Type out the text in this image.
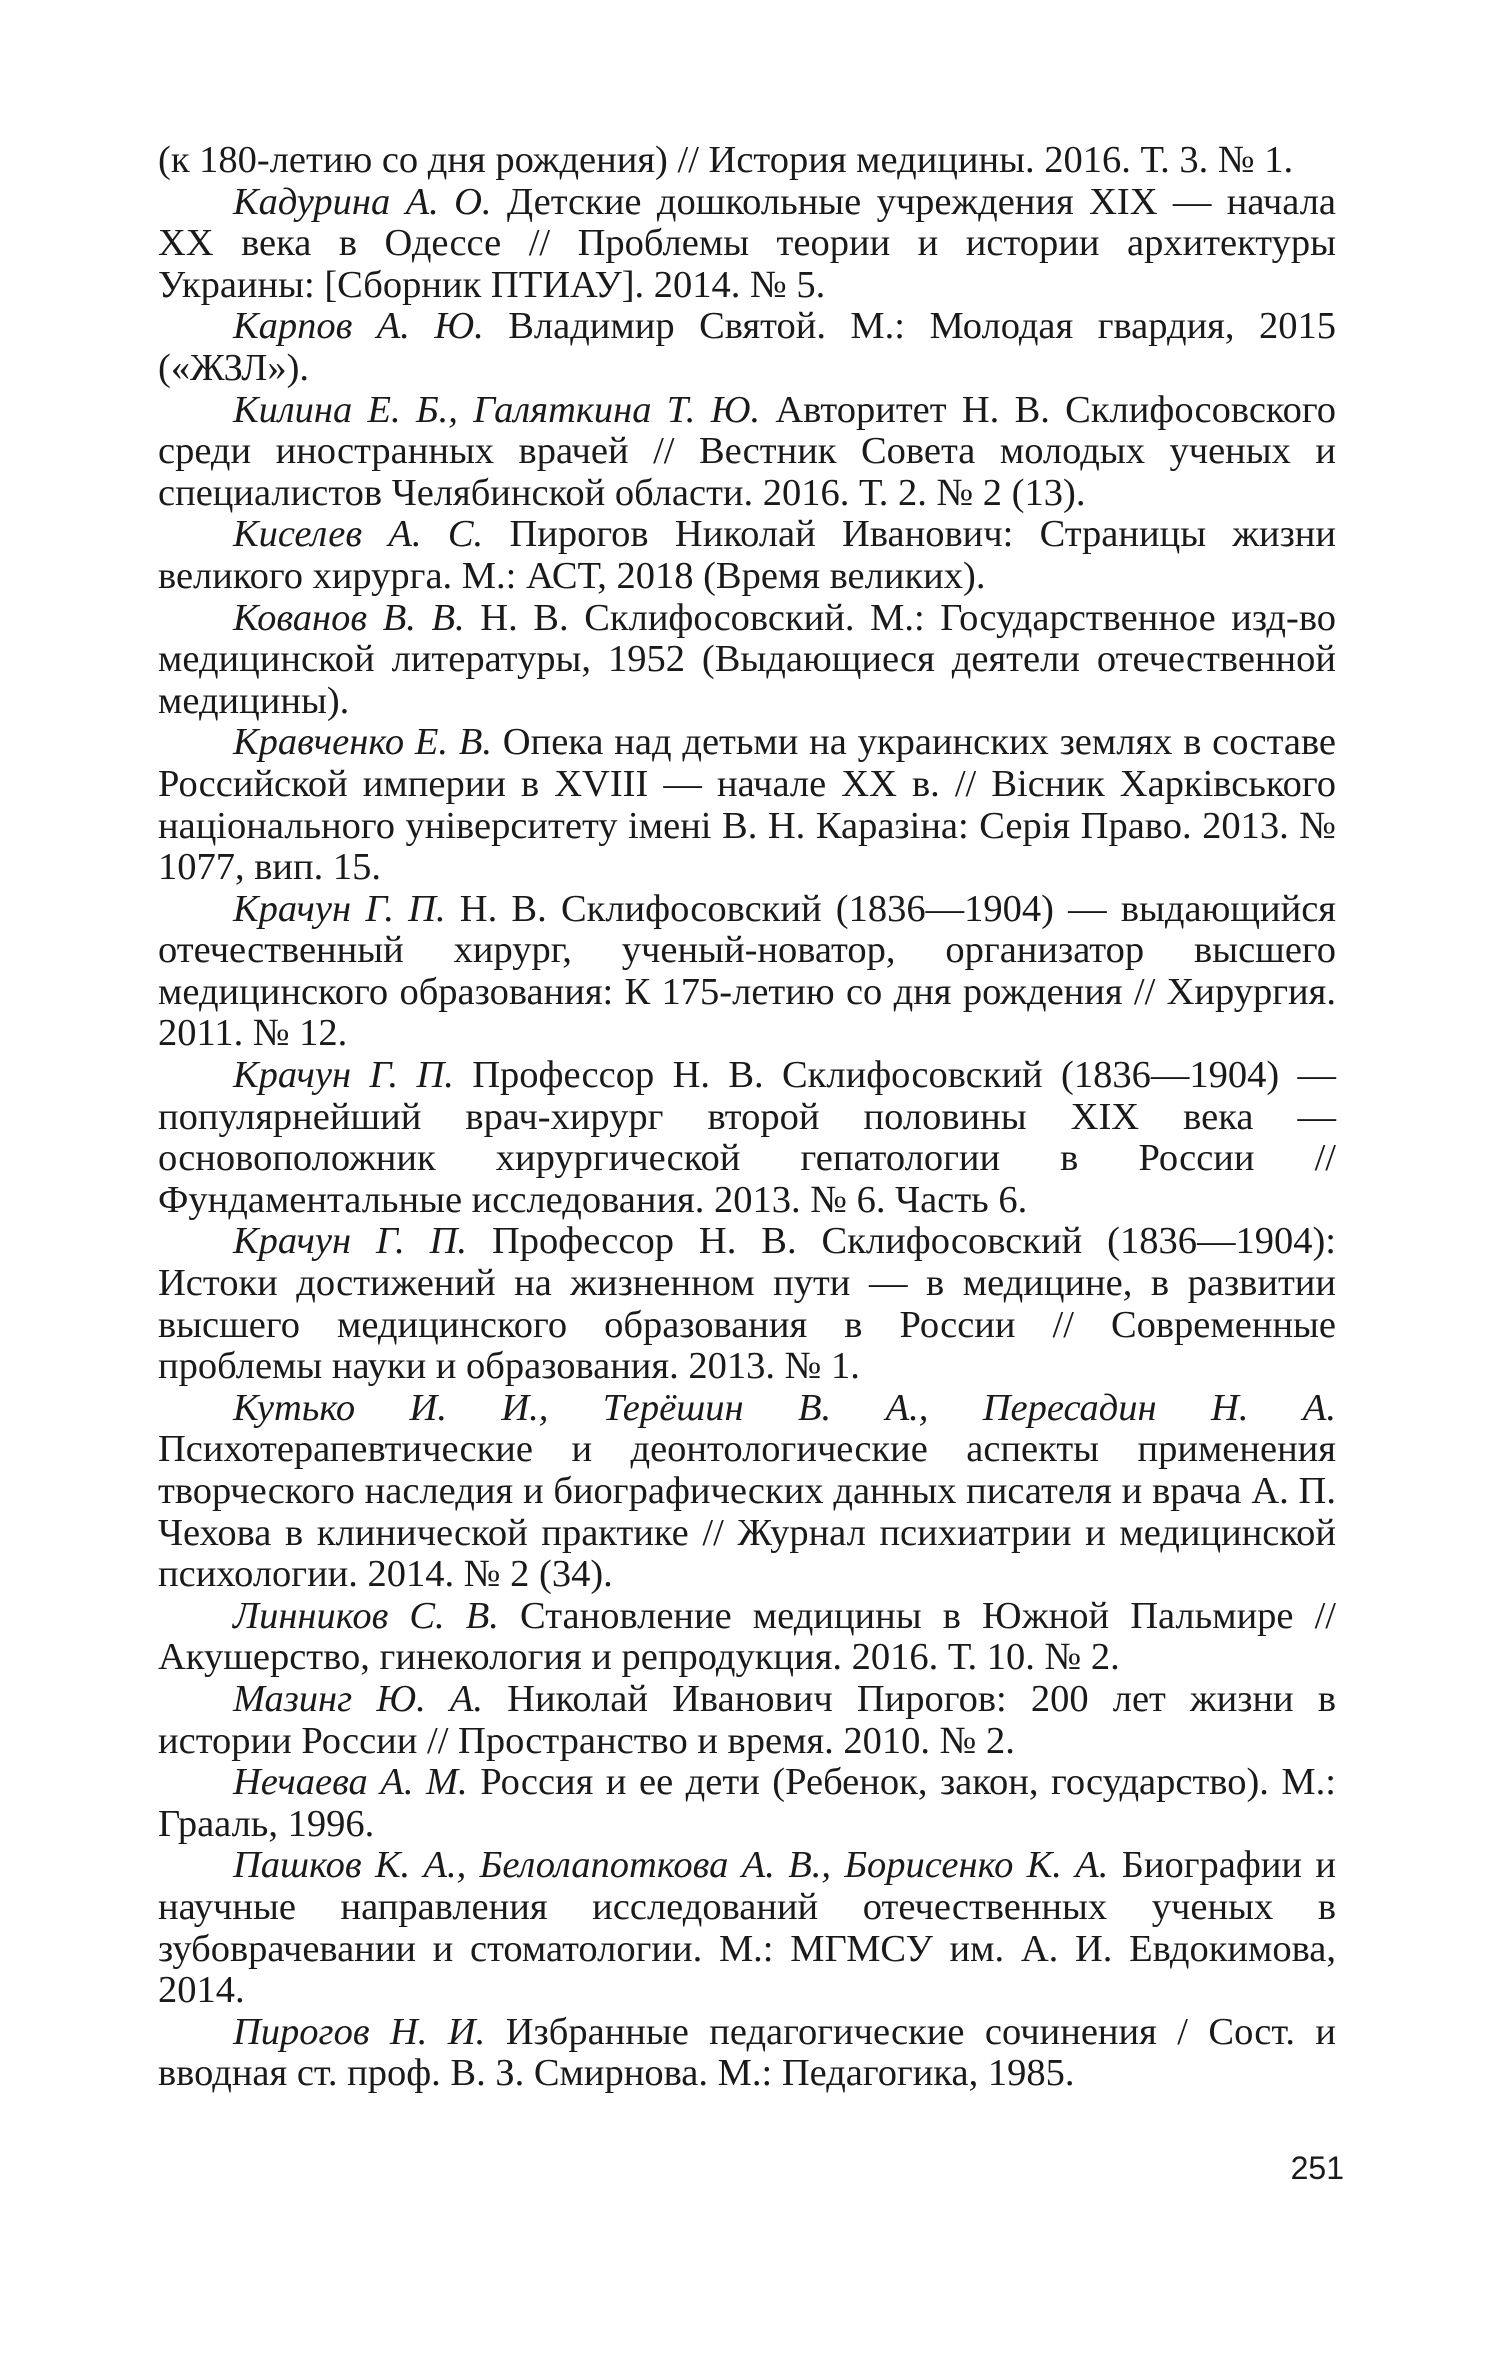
(к 180-летию со дня рождения) // История медицины. 2016. Т. 3. № 1.

Кадурина А. О. Детские дошкольные учреждения XIX — начала XX века в Одессе // Проблемы теории и истории архитектуры Украины: [Сборник ПТИАУ]. 2014. № 5.

Карпов А. Ю. Владимир Святой. М.: Молодая гвардия, 2015 («ЖЗЛ»).

Килина Е. Б., Галяткина Т. Ю. Авторитет Н. В. Склифосовского среди иностранных врачей // Вестник Совета молодых ученых и специалистов Челябинской области. 2016. Т. 2. № 2 (13).

Киселев А. С. Пирогов Николай Иванович: Страницы жизни великого хирурга. М.: АСТ, 2018 (Время великих).

Кованов В. В. Н. В. Склифосовский. М.: Государственное изд-во медицинской литературы, 1952 (Выдающиеся деятели отечественной медицины).

Кравченко Е. В. Опека над детьми на украинских землях в составе Российской империи в XVIII — начале XX в. // Вiсник Харкiвського нацiонального унiверситету iменi В. Н. Каразiна: Серiя Право. 2013. № 1077, вип. 15.

Крачун Г. П. Н. В. Склифосовский (1836—1904) — выдающийся отечественный хирург, ученый-новатор, организатор высшего медицинского образования: К 175-летию со дня рождения // Хирургия. 2011. № 12.

Крачун Г. П. Профессор Н. В. Склифосовский (1836—1904) — популярнейший врач-хирург второй половины XIX века — основоположник хирургической гепатологии в России // Фундаментальные исследования. 2013. № 6. Часть 6.

Крачун Г. П. Профессор Н. В. Склифосовский (1836—1904): Истоки достижений на жизненном пути — в медицине, в развитии высшего медицинского образования в России // Современные проблемы науки и образования. 2013. № 1.

Кутько И. И., Терёшин В. А., Пересадин Н. А. Психотерапевтические и деонтологические аспекты применения творческого наследия и биографических данных писателя и врача А. П. Чехова в клинической практике // Журнал психиатрии и медицинской психологии. 2014. № 2 (34).

Линников С. В. Становление медицины в Южной Пальмире // Акушерство, гинекология и репродукция. 2016. Т. 10. № 2.

Мазинг Ю. А. Николай Иванович Пирогов: 200 лет жизни в истории России // Пространство и время. 2010. № 2.

Нечаева А. М. Россия и ее дети (Ребенок, закон, государство). М.: Грааль, 1996.

Пашков К. А., Белолапоткова А. В., Борисенко К. А. Биографии и научные направления исследований отечественных ученых в зубоврачевании и стоматологии. М.: МГМСУ им. А. И. Евдокимова, 2014.

Пирогов Н. И. Избранные педагогические сочинения / Сост. и вводная ст. проф. В. З. Смирнова. М.: Педагогика, 1985.

251
